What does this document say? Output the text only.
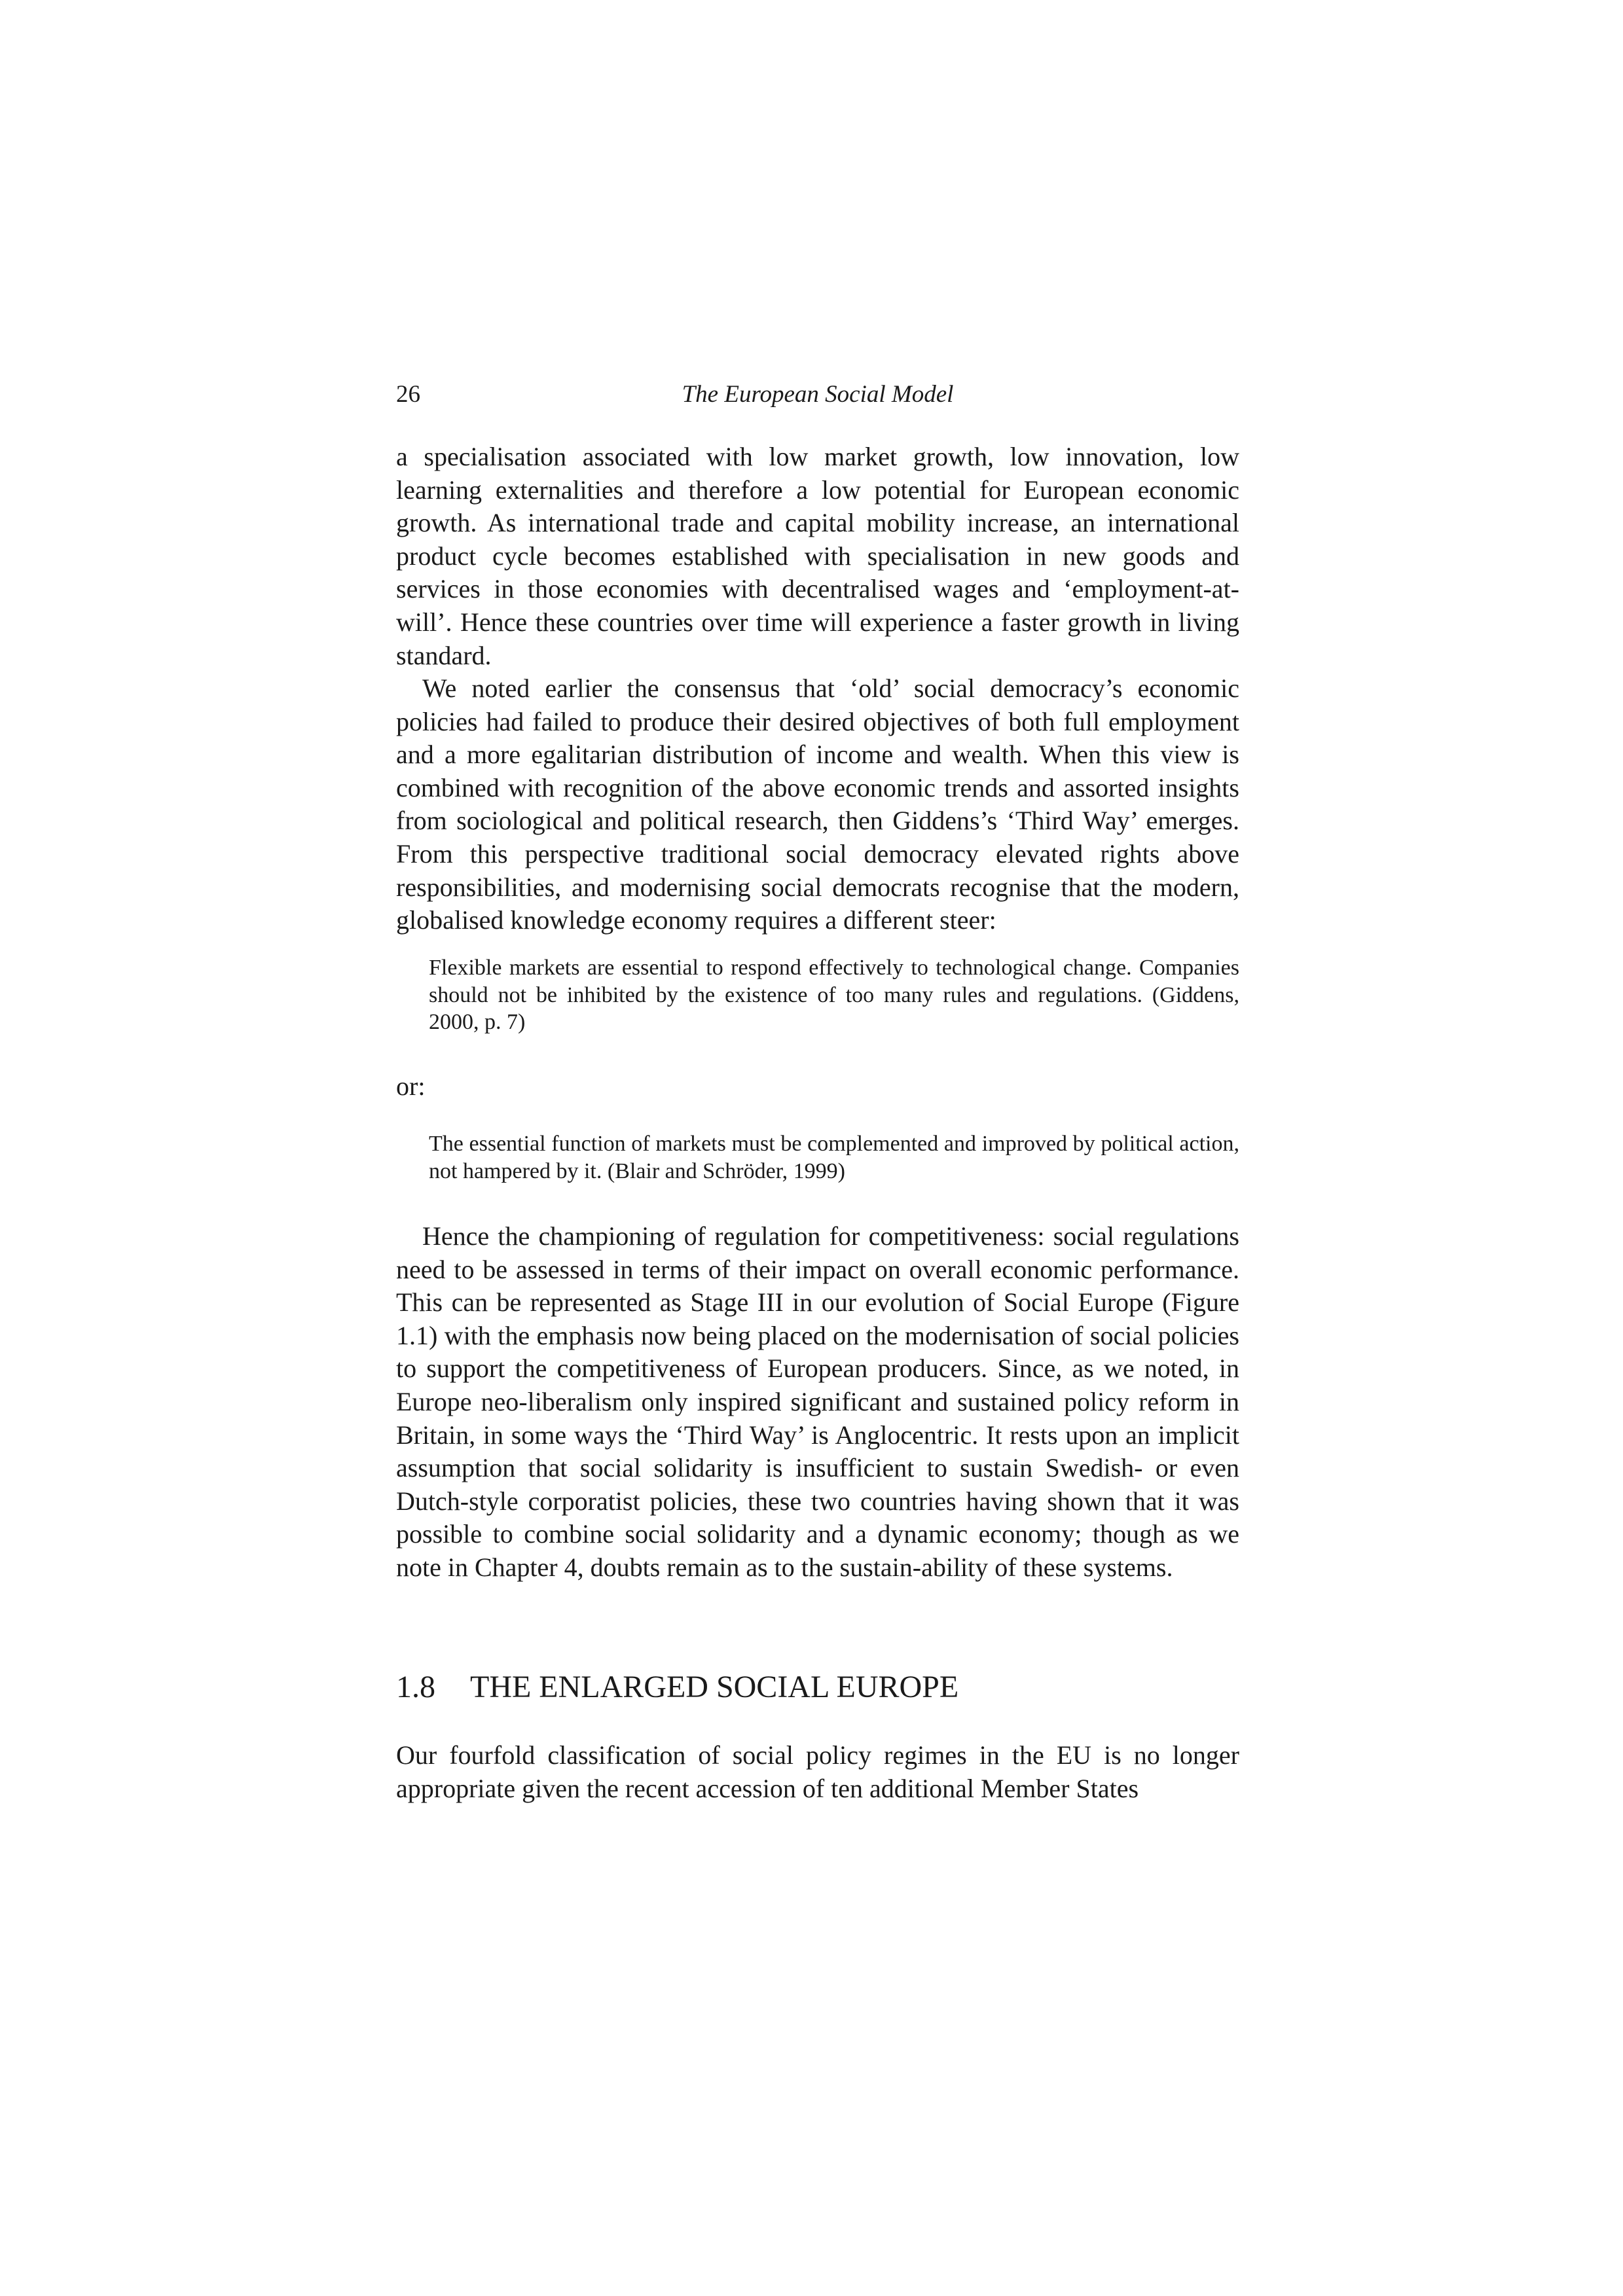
26	The European Social Model

a specialisation associated with low market growth, low innovation, low learning externalities and therefore a low potential for European economic growth. As international trade and capital mobility increase, an international product cycle becomes established with specialisation in new goods and services in those economies with decentralised wages and ‘employment-at-will’. Hence these countries over time will experience a faster growth in living standard.

We noted earlier the consensus that ‘old’ social democracy’s economic policies had failed to produce their desired objectives of both full employment and a more egalitarian distribution of income and wealth. When this view is combined with recognition of the above economic trends and assorted insights from sociological and political research, then Giddens’s ‘Third Way’ emerges. From this perspective traditional social democracy elevated rights above responsibilities, and modernising social democrats recognise that the modern, globalised knowledge economy requires a different steer:

Flexible markets are essential to respond effectively to technological change. Companies should not be inhibited by the existence of too many rules and regulations. (Giddens, 2000, p. 7)

or:

The essential function of markets must be complemented and improved by political action, not hampered by it. (Blair and Schröder, 1999)

Hence the championing of regulation for competitiveness: social regulations need to be assessed in terms of their impact on overall economic performance. This can be represented as Stage III in our evolution of Social Europe (Figure 1.1) with the emphasis now being placed on the modernisation of social policies to support the competitiveness of European producers. Since, as we noted, in Europe neo-liberalism only inspired significant and sustained policy reform in Britain, in some ways the ‘Third Way’ is Anglocentric. It rests upon an implicit assumption that social solidarity is insufficient to sustain Swedish- or even Dutch-style corporatist policies, these two countries having shown that it was possible to combine social solidarity and a dynamic economy; though as we note in Chapter 4, doubts remain as to the sustain-ability of these systems.

1.8 THE ENLARGED SOCIAL EUROPE

Our fourfold classification of social policy regimes in the EU is no longer appropriate given the recent accession of ten additional Member States
